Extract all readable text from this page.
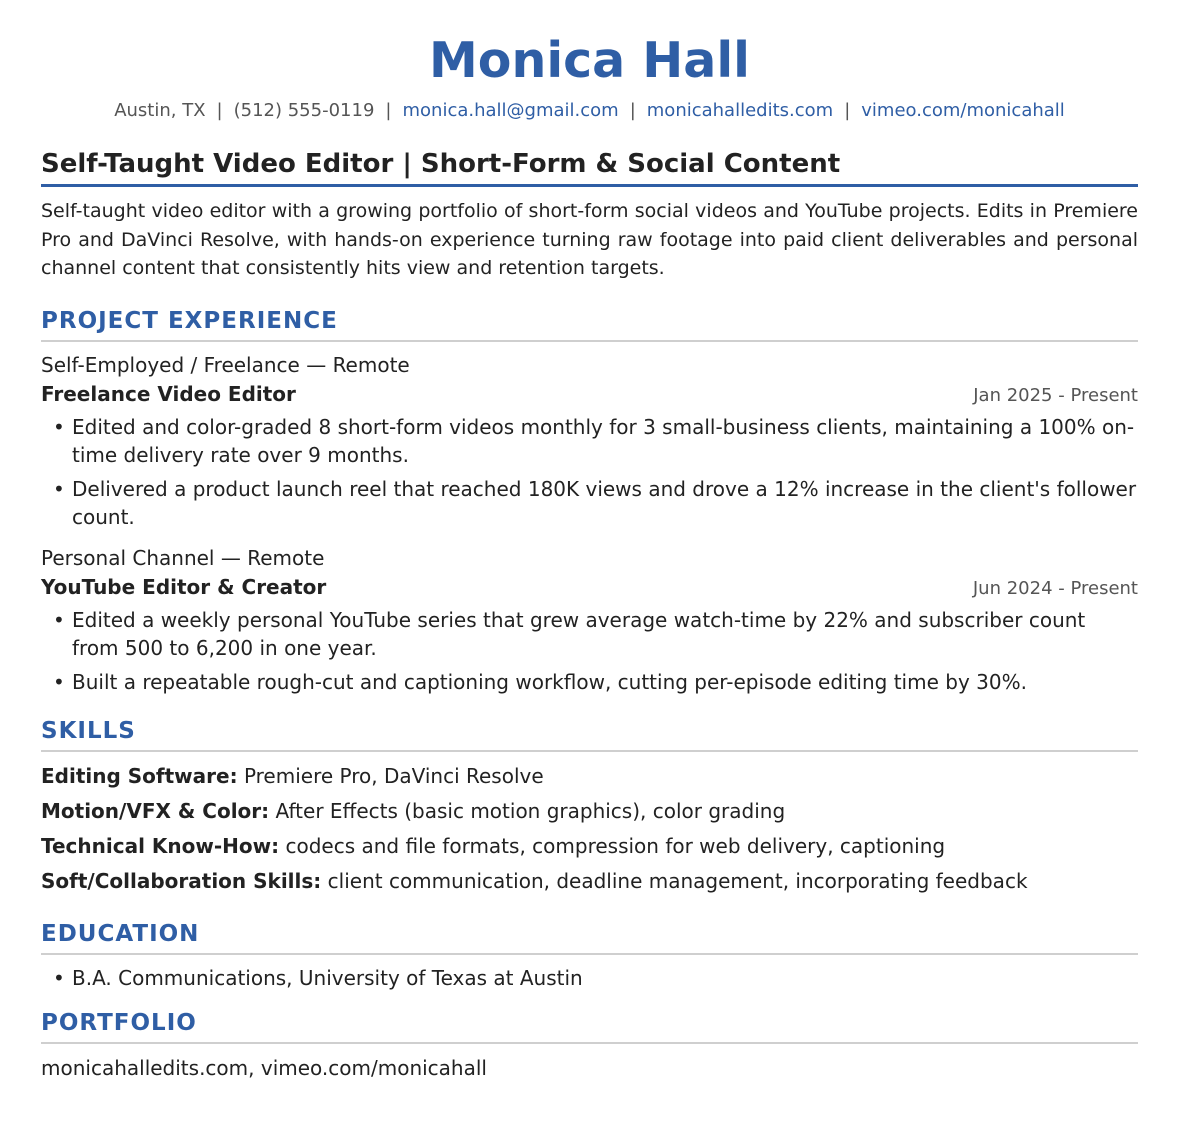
Monica Hall
Austin, TX | (512) 555-0119 | monica.hall@gmail.com | monicahalledits.com | vimeo.com/monicahall
Self-Taught Video Editor | Short-Form & Social Content

Self-taught video editor with a growing portfolio of short-form social videos and YouTube projects. Edits in Premiere Pro and DaVinci Resolve, with hands-on experience turning raw footage into paid client deliverables and personal channel content that consistently hits view and retention targets.

PROJECT EXPERIENCE
Self-Employed / Freelance — Remote
Freelance Video Editor	Jan 2025 - Present
• Edited and color-graded 8 short-form videos monthly for 3 small-business clients, maintaining a 100% on-time delivery rate over 9 months.
• Delivered a product launch reel that reached 180K views and drove a 12% increase in the client's follower count.
Personal Channel — Remote
YouTube Editor & Creator	Jun 2024 - Present
• Edited a weekly personal YouTube series that grew average watch-time by 22% and subscriber count from 500 to 6,200 in one year.
• Built a repeatable rough-cut and captioning workflow, cutting per-episode editing time by 30%.
SKILLS
Editing Software: Premiere Pro, DaVinci Resolve
Motion/VFX & Color: After Effects (basic motion graphics), color grading
Technical Know-How: codecs and file formats, compression for web delivery, captioning
Soft/Collaboration Skills: client communication, deadline management, incorporating feedback
EDUCATION
• B.A. Communications, University of Texas at Austin
PORTFOLIO
monicahalledits.com, vimeo.com/monicahall
